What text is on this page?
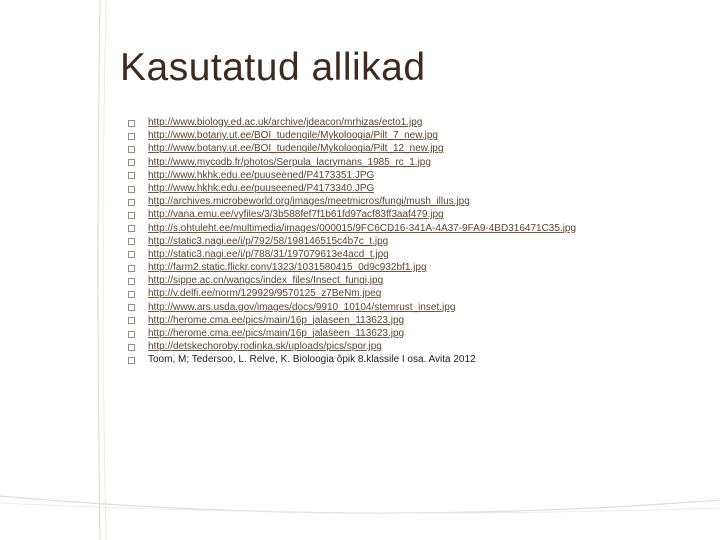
Kasutatud allikad
http://www.biology.ed.ac.uk/archive/jdeacon/mrhizas/ecto1.jpg
http://www.botany.ut.ee/BOI_tudengile/Mykoloogia/Pilt_7_new.jpg
http://www.botany.ut.ee/BOI_tudengile/Mykoloogia/Pilt_12_new.jpg
http://www.mycodb.fr/photos/Serpula_lacrymans_1985_rc_1.jpg
http://www.hkhk.edu.ee/puuseened/P4173351.JPG
http://www.hkhk.edu.ee/puuseened/P4173340.JPG
http://archives.microbeworld.org/images/meetmicros/fungi/mush_illus.jpg
http://vana.emu.ee/vyfiles/3/3b588fef7f1b61fd97acf83ff3aaf479.jpg
http://s.ohtuleht.ee/multimedia/images/000015/9FC6CD16-341A-4A37-9FA9-4BD316471C35.jpg
http://static3.nagi.ee/i/p/792/58/198146515c4b7c_t.jpg
http://static3.nagi.ee/i/p/788/31/197079613e4acd_t.jpg
http://farm2.static.flickr.com/1323/1031580415_0d9c932bf1.jpg
http://sippe.ac.cn/wangcs/index_files/Insect_fungi.jpg
http://v.delfi.ee/norm/129929/9570125_z7BeNm.jpeg
http://www.ars.usda.gov/images/docs/9910_10104/stemrust_inset.jpg
http://herome.cma.ee/pics/main/16p_jalaseen_113623.jpg
http://herome.cma.ee/pics/main/16p_jalaseen_113623.jpg
http://detskechoroby.rodinka.sk/uploads/pics/spor.jpg
Toom, M; Tedersoo, L. Relve, K. Bioloogia õpik 8.klassile I osa. Avita 2012
